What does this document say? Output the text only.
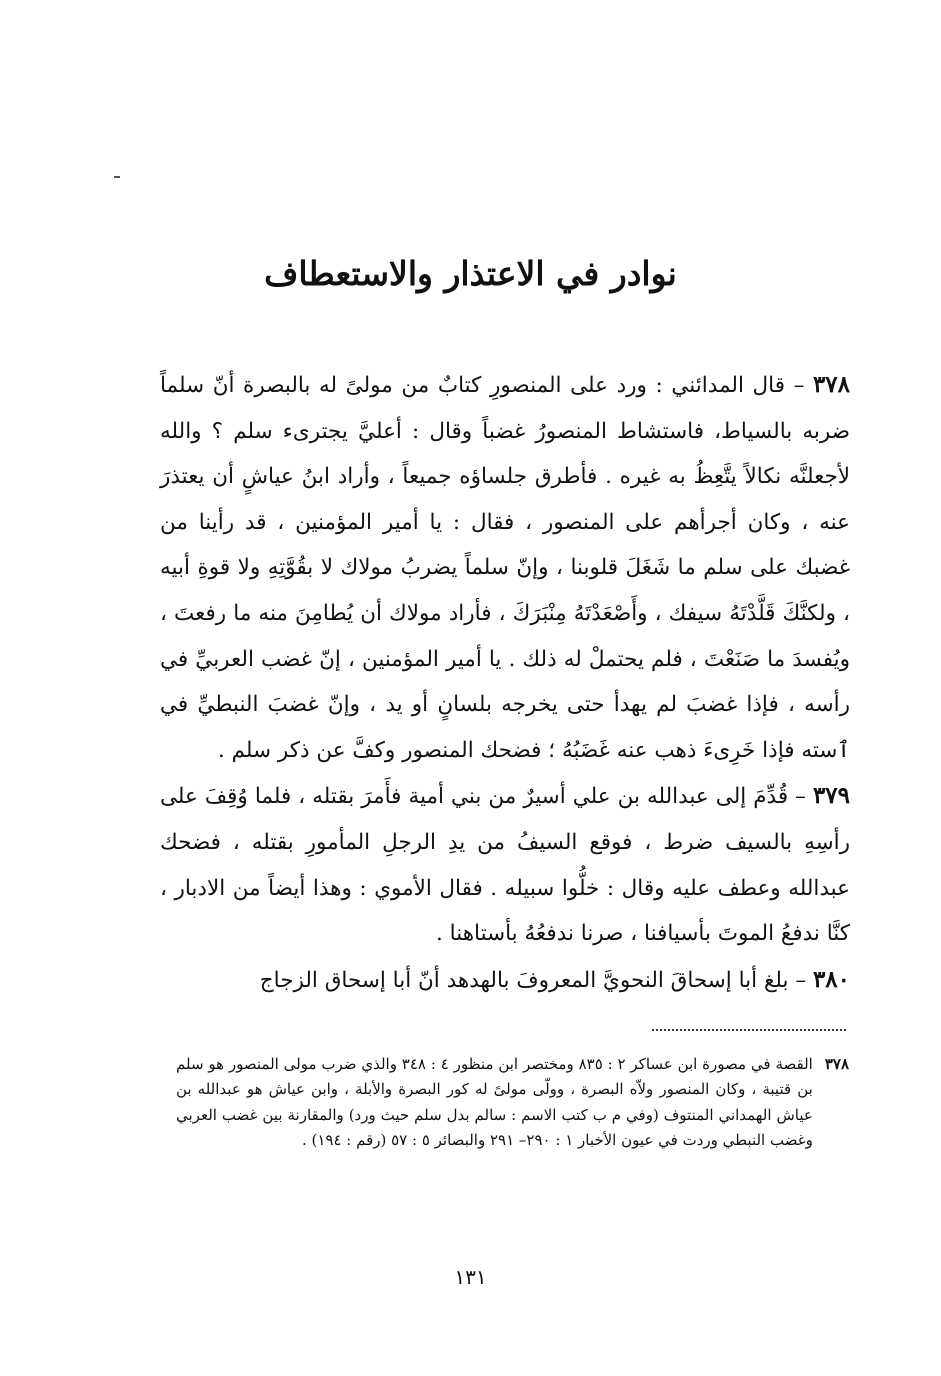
نوادر في الاعتذار والاستعطاف

٣٧٨ – قال المدائني : ورد على المنصورِ كتابٌ من مولىً له بالبصرة أنّ سلماً ضربه بالسياط، فاستشاط المنصورُ غضباً وقال : أعليَّ يجترىء سلم ؟ والله لأجعلنَّه نكالاً يتَّعِظُ به غيره . فأطرق جلساؤه جميعاً ، وأراد ابنُ عياشٍ أن يعتذرَ عنه ، وكان أجرأهم على المنصور ، فقال : يا أمير المؤمنين ، قد رأينا من غضبك على سلم ما شَغَلَ قلوبنا ، وإنّ سلماً يضربُ مولاك لا بقُوَّتِهِ ولا قوةِ أبيه ، ولكنَّكَ قَلَّدْتَهُ سيفك ، وأَصْعَدْتَهُ مِنْبَرَكَ ، فأراد مولاك أن يُطامِنَ منه ما رفعتَ ، ويُفسدَ ما صَنَعْتَ ، فلم يحتملْ له ذلك . يا أمير المؤمنين ، إنّ غضب العربيِّ في رأسه ، فإذا غضبَ لم يهدأ حتى يخرجه بلسانٍ أو يد ، وإنّ غضبَ النبطيِّ في ٱسته فإذا خَرِىءَ ذهب عنه غَضَبُهُ ؛ فضحك المنصور وكفَّ عن ذكر سلم .

٣٧٩ – قُدِّمَ إلى عبدالله بن علي أسيرٌ من بني أمية فأَمرَ بقتله ، فلما وُقِفَ على رأسِهِ بالسيف ضرط ، فوقع السيفُ من يدِ الرجلِ المأمورِ بقتله ، فضحك عبدالله وعطف عليه وقال : خلُّوا سبيله . فقال الأموي : وهذا أيضاً من الادبار ، كنَّا ندفعُ الموتَ بأسيافنا ، صرنا ندفعُهُ بأستاهنا .

٣٨٠ – بلغ أبا إسحاقَ النحويَّ المعروفَ بالهدهد أنّ أبا إسحاق الزجاج

٣٧٨
القصة في مصورة ابن عساكر ٢ : ٨٣٥ ومختصر ابن منظور ٤ : ٣٤٨ والذي ضرب مولى المنصور هو سلم بن قتيبة ، وكان المنصور ولاّه البصرة ، وولّى مولىً له كور البصرة والأبلة ، وابن عياش هو عبدالله بن عياش الهمداني المنتوف (وفي م ب كتب الاسم : سالم بدل سلم حيث ورد) والمقارنة بين غضب العربي وغضب النبطي وردت في عيون الأخبار ١ : ٢٩٠– ٢٩١ والبصائر ٥ : ٥٧ (رقم : ١٩٤) .
١٣١
